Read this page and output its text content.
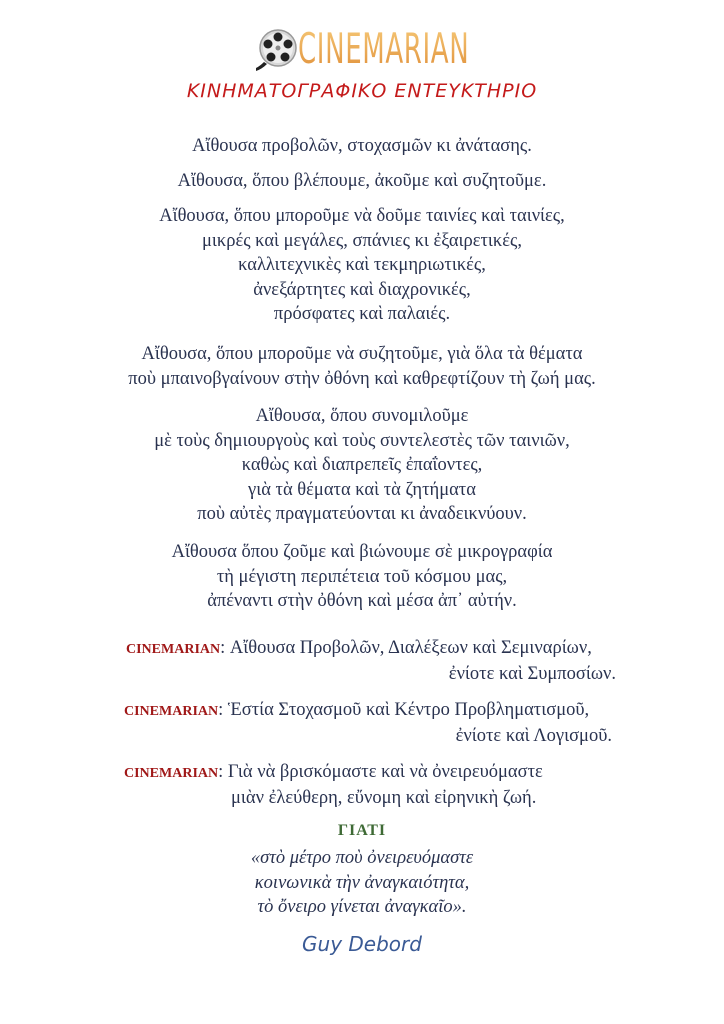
CINEMARIAN
ΚΙΝΗΜΑΤΟΓΡΑΦΙΚΟ ΕΝΤΕΥΚΤΗΡΙΟ

Αἴθουσα προβολῶν, στοχασμῶν κι ἀνάτασης.

Αἴθουσα, ὅπου βλέπουμε, ἀκοῦμε καὶ συζητοῦμε.

Αἴθουσα, ὅπου μποροῦμε νὰ δοῦμε ταινίες καὶ ταινίες,

μικρές καὶ μεγάλες, σπάνιες κι ἐξαιρετικές,

καλλιτεχνικὲς καὶ τεκμηριωτικές,

ἀνεξάρτητες καὶ διαχρονικές,

πρόσφατες καὶ παλαιές.

Αἴθουσα, ὅπου μποροῦμε νὰ συζητοῦμε, γιὰ ὅλα τὰ θέματα

ποὺ μπαινοβγαίνουν στὴν ὀθόνη καὶ καθρεφτίζουν τὴ ζωή μας.

Αἴθουσα, ὅπου συνομιλοῦμε

μὲ τοὺς δημιουργοὺς καὶ τοὺς συντελεστὲς τῶν ταινιῶν,

καθὼς καὶ διαπρεπεῖς ἐπαΐοντες,

γιὰ τὰ θέματα καὶ τὰ ζητήματα

ποὺ αὐτὲς πραγματεύονται κι ἀναδεικνύουν.

Αἴθουσα ὅπου ζοῦμε καὶ βιώνουμε σὲ μικρογραφία

τὴ μέγιστη περιπέτεια τοῦ κόσμου μας,

ἀπέναντι στὴν ὀθόνη καὶ μέσα ἀπ᾽ αὐτήν.

CINEMARIAN: Αἴθουσα Προβολῶν, Διαλέξεων καὶ Σεμιναρίων,
ἐνίοτε καὶ Συμποσίων.
CINEMARIAN: Ἑστία Στοχασμοῦ καὶ Κέντρο Προβληματισμοῦ,
ἐνίοτε καὶ Λογισμοῦ.
CINEMARIAN: Γιὰ νὰ βρισκόμαστε καὶ νὰ ὀνειρευόμαστε
μιὰν ἐλεύθερη, εὔνομη καὶ εἰρηνικὴ ζωή.
ΓΙΑΤΙ

«στὸ μέτρο ποὺ ὀνειρευόμαστε

κοινωνικὰ τὴν ἀναγκαιότητα,

τὸ ὄνειρο γίνεται ἀναγκαῖο».

Guy Debord
